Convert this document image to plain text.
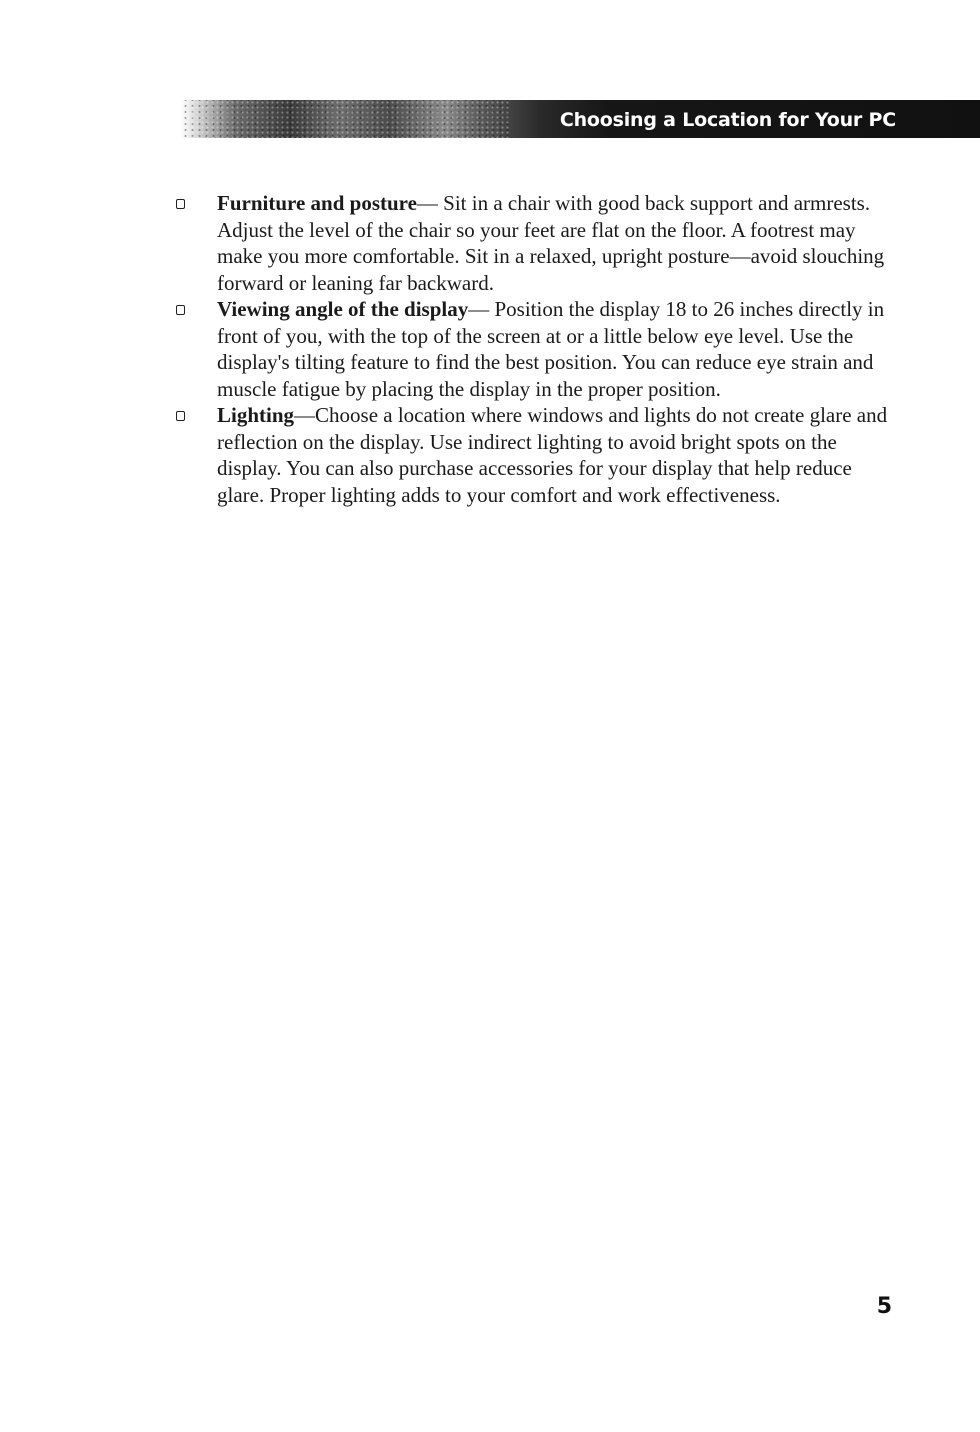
Choosing a Location for Your PC
Furniture and posture— Sit in a chair with good back support and armrests. Adjust the level of the chair so your feet are flat on the floor. A footrest may make you more comfortable. Sit in a relaxed, upright posture—avoid slouching forward or leaning far backward.
Viewing angle of the display— Position the display 18 to 26 inches directly in front of you, with the top of the screen at or a little below eye level. Use the display's tilting feature to find the best position. You can reduce eye strain and muscle fatigue by placing the display in the proper position.
Lighting—Choose a location where windows and lights do not create glare and reflection on the display. Use indirect lighting to avoid bright spots on the display. You can also purchase accessories for your display that help reduce glare. Proper lighting adds to your comfort and work effectiveness.
5
